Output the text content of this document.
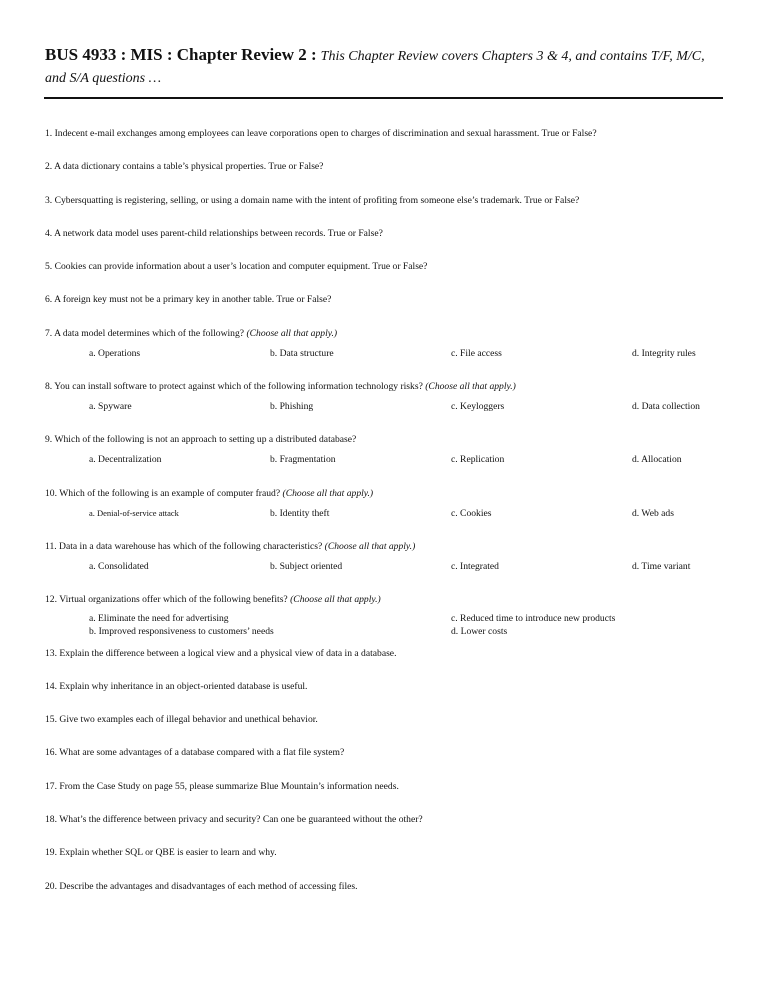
BUS 4933 : MIS : Chapter Review 2 : This Chapter Review covers Chapters 3 & 4, and contains T/F, M/C, and S/A questions …
1. Indecent e-mail exchanges among employees can leave corporations open to charges of discrimination and sexual harassment. True or False?
2. A data dictionary contains a table’s physical properties. True or False?
3. Cybersquatting is registering, selling, or using a domain name with the intent of profiting from someone else’s trademark. True or False?
4. A network data model uses parent-child relationships between records. True or False?
5. Cookies can provide information about a user’s location and computer equipment. True or False?
6. A foreign key must not be a primary key in another table. True or False?
7. A data model determines which of the following? (Choose all that apply.)
a. Operations	b. Data structure	c. File access	d. Integrity rules
8. You can install software to protect against which of the following information technology risks? (Choose all that apply.)
a. Spyware	b. Phishing	c. Keyloggers	d. Data collection
9. Which of the following is not an approach to setting up a distributed database?
a. Decentralization	b. Fragmentation	c. Replication	d. Allocation
10. Which of the following is an example of computer fraud? (Choose all that apply.)
a. Denial-of-service attack	b. Identity theft	c. Cookies	d. Web ads
11. Data in a data warehouse has which of the following characteristics? (Choose all that apply.)
a. Consolidated	b. Subject oriented	c. Integrated	d. Time variant
12. Virtual organizations offer which of the following benefits? (Choose all that apply.)
a. Eliminate the need for advertising	c. Reduced time to introduce new products
b. Improved responsiveness to customers’ needs	d. Lower costs
13. Explain the difference between a logical view and a physical view of data in a database.
14. Explain why inheritance in an object-oriented database is useful.
15. Give two examples each of illegal behavior and unethical behavior.
16. What are some advantages of a database compared with a flat file system?
17. From the Case Study on page 55, please summarize Blue Mountain’s information needs.
18. What’s the difference between privacy and security? Can one be guaranteed without the other?
19. Explain whether SQL or QBE is easier to learn and why.
20. Describe the advantages and disadvantages of each method of accessing files.
